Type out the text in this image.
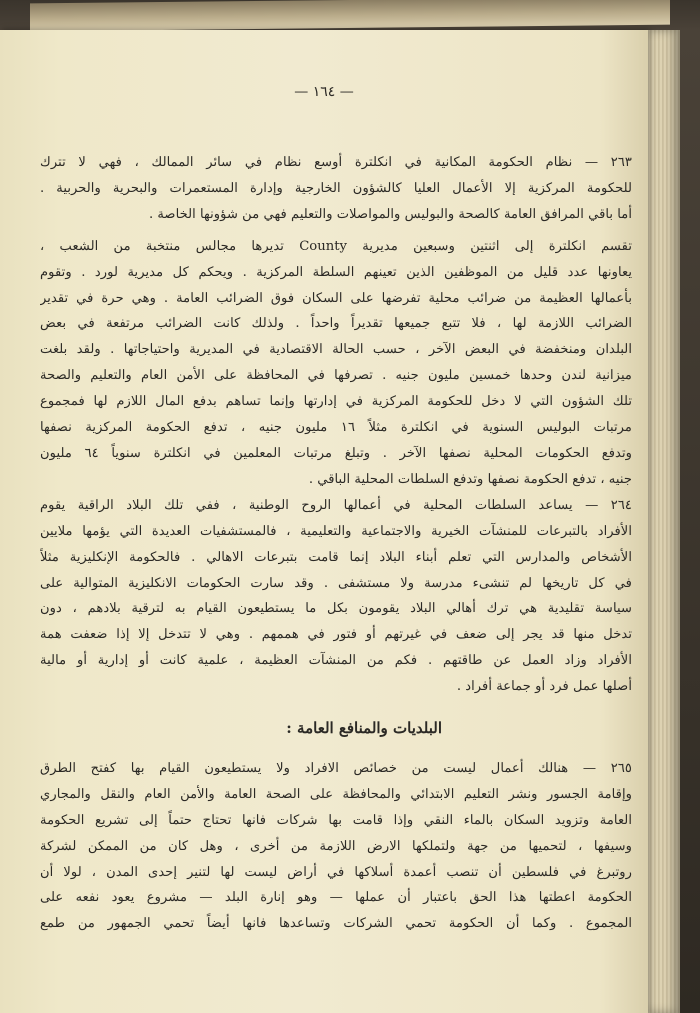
— ١٦٤ —
٢٦٣ — نظام الحكومة المكانية في انكلترة أوسع نظام في سائر الممالك ، فهي لا تترك
للحكومة المركزية إلا الأعمال العليا كالشؤون الخارجية وإدارة المستعمرات والبحرية والحربية .
أما باقي المرافق العامة كالصحة والبوليس والمواصلات والتعليم فهي من شؤونها الخاصة .
تقسم انكلترة إلى اثنتين وسبعين مديرية County تديرها مجالس منتخبة من الشعب ،
يعاونها عدد قليل من الموظفين الذين تعينهم السلطة المركزية . ويحكم كل مديرية لورد . وتقوم
بأعمالها العظيمة من ضرائب محلية تفرضها على السكان فوق الضرائب العامة . وهي حرة في تقدير
الضرائب اللازمة لها ، فلا تتبع جميعها تقديراً واحداً . ولذلك كانت الضرائب مرتفعة في بعض
البلدان ومنخفضة في البعض الآخر ، حسب الحالة الاقتصادية في المديرية واحتياجاتها . ولقد بلغت
ميزانية لندن وحدها خمسين مليون جنيه . تصرفها في المحافظة على الأمن العام والتعليم والصحة
تلك الشؤون التي لا دخل للحكومة المركزية في إدارتها وإنما تساهم بدفع المال اللازم لها فمجموع
مرتبات البوليس السنوية في انكلترة مثلاً ١٦ مليون جنيه ، تدفع الحكومة المركزية نصفها
وتدفع الحكومات المحلية نصفها الآخر . وتبلغ مرتبات المعلمين في انكلترة سنوياً ٦٤ مليون
جنيه ، تدفع الحكومة نصفها وتدفع السلطات المحلية الباقي .
٢٦٤ — يساعد السلطات المحلية في أعمالها الروح الوطنية ، ففي تلك البلاد الراقية يقوم
الأفراد بالتبرعات للمنشآت الخيرية والاجتماعية والتعليمية ، فالمستشفيات العديدة التي يؤمها ملايين
الأشخاص والمدارس التي تعلم أبناء البلاد إنما قامت بتبرعات الاهالي . فالحكومة الإنكليزية مثلاً
في كل تاريخها لم تنشىء مدرسة ولا مستشفى . وقد سارت الحكومات الانكليزية المتوالية على
سياسة تقليدية هي ترك أهالي البلاد يقومون بكل ما يستطيعون القيام به لترقية بلادهم ، دون
تدخل منها قد يجر إلى ضعف في غيرتهم أو فتور في هممهم . وهي لا تتدخل إلا إذا ضعفت همة
الأفراد وزاد العمل عن طاقتهم . فكم من المنشآت العظيمة ، علمية كانت أو إدارية أو مالية
أصلها عمل فرد أو جماعة أفراد .
البلديات والمنافع العامة :
٢٦٥ — هنالك أعمال ليست من خصائص الافراد ولا يستطيعون القيام بها كفتح الطرق
وإقامة الجسور ونشر التعليم الابتدائي والمحافظة على الصحة العامة والأمن العام والنقل والمجاري
العامة وتزويد السكان بالماء النقي وإذا قامت بها شركات فانها تحتاج حتماً إلى تشريع الحكومة
وسيفها ، لتحميها من جهة ولتملكها الارض اللازمة من أخرى ، وهل كان من الممكن لشركة
روتبرغ في فلسطين أن تنصب أعمدة أسلاكها في أراض ليست لها لتنير إحدى المدن ، لولا أن
الحكومة اعطتها هذا الحق باعتبار أن عملها — وهو إنارة البلد — مشروع يعود نفعه على
المجموع . وكما أن الحكومة تحمي الشركات وتساعدها فانها أيضاً تحمي الجمهور من طمع
